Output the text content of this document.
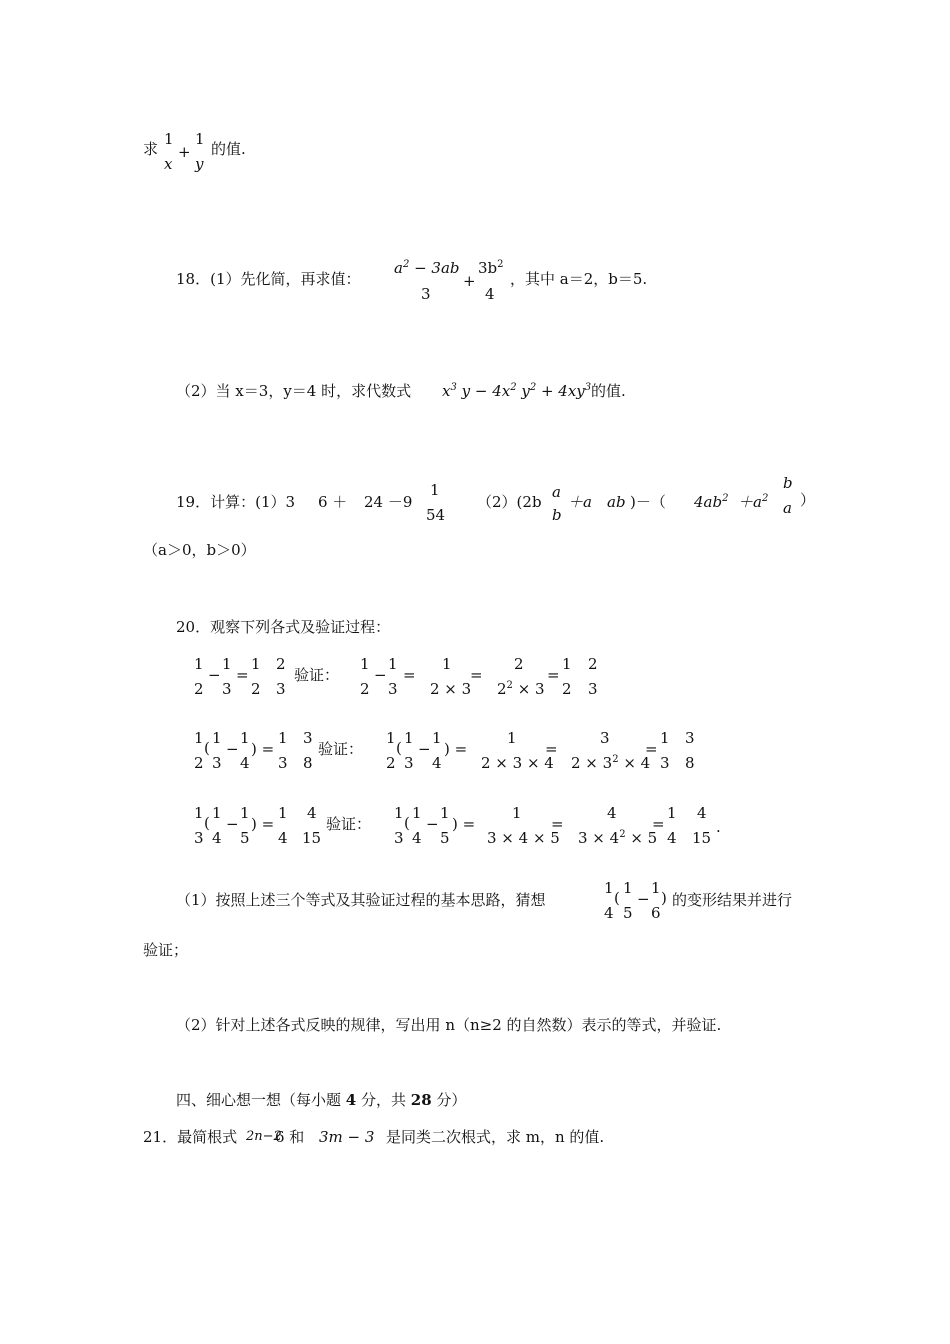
求
1
x
+
1
y
的值.
18．(1）先化简，再求值：
$a^2 - 3ab$
3
+
$3b^2$
4
，其中 a＝2，b＝5.
（2）当 x＝3，y＝4 时，求代数式 $x^3$ $y - 4x^2$ $y^2 + 4xy^3$ 的值.
19．计算：(1）3 6 ＋ 24 －9
1
54
（2）(2b
a
b
＋a ab )－（ $4ab^2 +a^2$
b
a ）
（a＞0，b＞0）
20．观察下列各式及验证过程：
1
2
−
1
3
=
1
2
2
3
验证：
1
2
−
1
3
=
1
2 × 3
=
2
$2^2 \times 3$
=
1
2
2
3
1
2
(
1
3
−
1
4
) =
1
3
3
8
验证：
1
2
(
1
3
−
1
4
) =
1
2 × 3 × 4
=
3
$2 \times 3^2 \times 4$
=
1
3
3
8
1
3
(
1
4
−
1
5
) =
1
4
4
15
验证：
1
3
(
1
4
−
1
5
) =
1
3 × 4 × 5
=
4
$3 \times 4^2 \times 5$
=
1
4
4
15
.
（1）按照上述三个等式及其验证过程的基本思路，猜想
1
4
(
1
5
−
1
6
) 的变形结果并进行
验证；
（2）针对上述各式反映的规律，写出用 n（n≥2 的自然数）表示的等式，并验证.
四、细心想一想（每小题 4 分，共 28 分）
21．最简根式 2n−2
6 和 3m − 3 是同类二次根式，求 m，n 的值.
